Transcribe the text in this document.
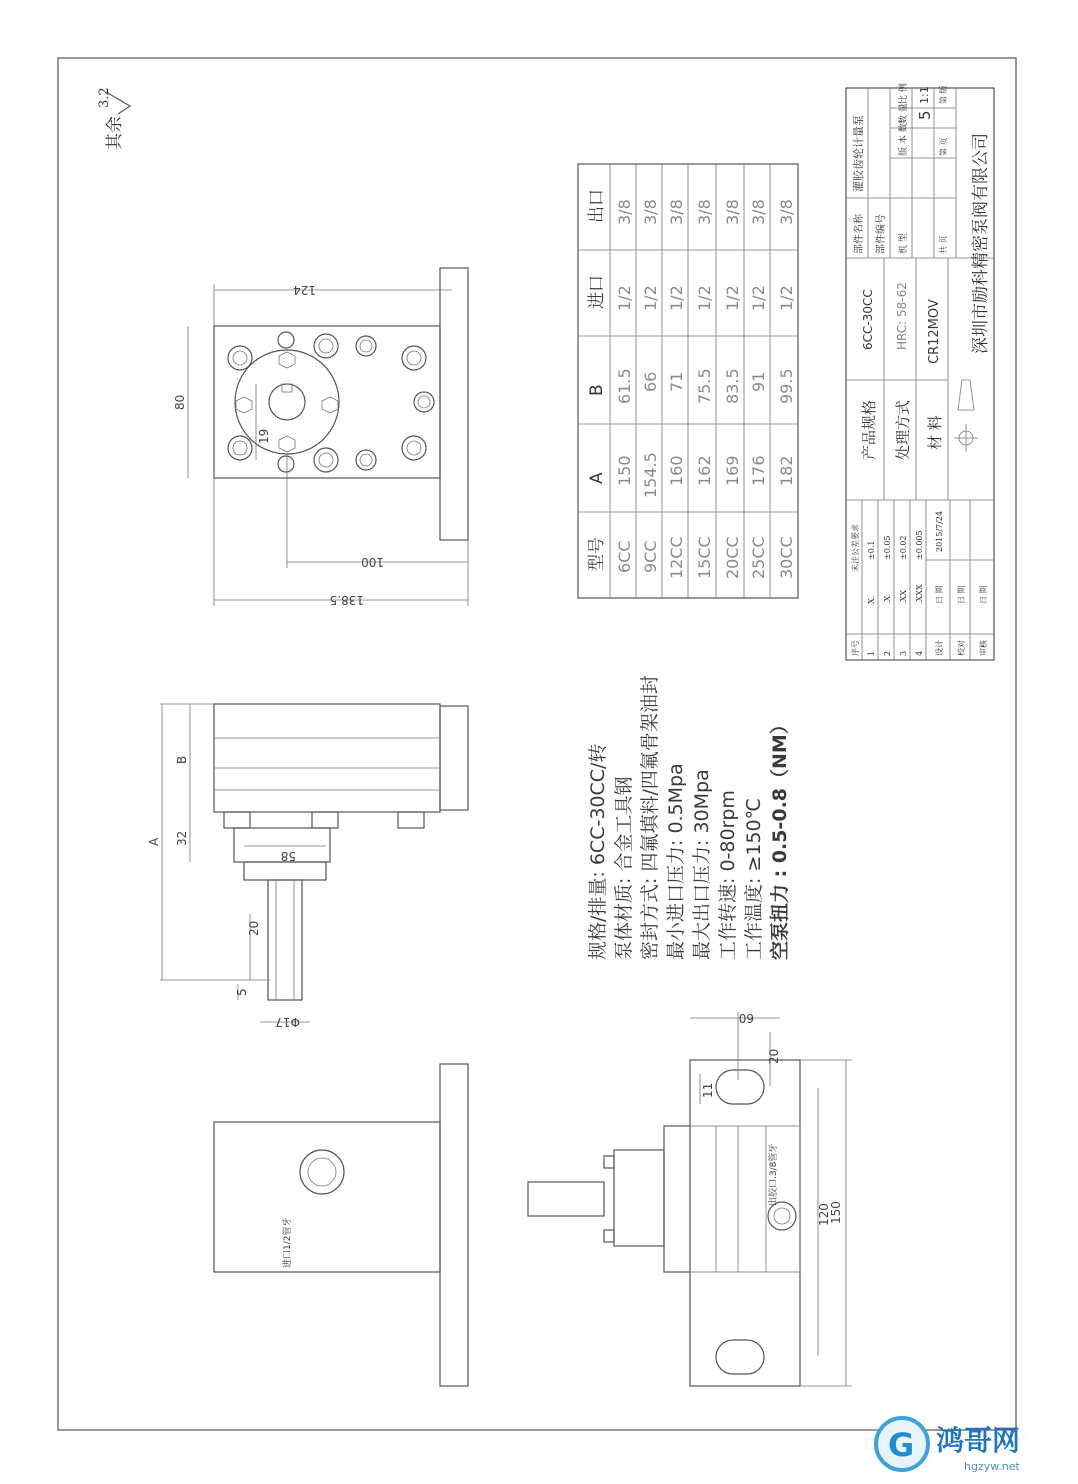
其余
3.2
124
80
19
100
138.5
A
B
32
58
20
5
Φ17
规格/排量: 6CC-30CC/转 泵体材质: 合金工具钢 密封方式: 四氟填料/四氟骨架油封 最小进口压力: 0.5Mpa 最大出口压力: 30Mpa 工作转速: 0-80rpm 工作温度: ≥150℃ 空泵扭力 : 0.5-0.8（NM）
型号
A
B
进口
出口
6CC
150
61.5
1/2
3/8
9CC
154.5
66
1/2
3/8
12CC
160
71
1/2
3/8
15CC
162
75.5
1/2
3/8
20CC
169
83.5
1/2
3/8
25CC
176
91
1/2
3/8
30CC
182
99.5
1/2
3/8
进口1/2管牙
出胶口.3/8管牙
60
20
11
120
150
未注公差要求
序号 1
X.
±0.1
2
.X
±0.05
3
.XX
±0.02
4
.XXX
±0.005
设计
日 期
2015/7/24
校对
日 期
审核
日 期
产品规格
6CC-30CC
处理方式
HRC: 58-62
材 料
CR12MOV 深圳市励科精密泵阀有限公司
部件名称
灌胶齿轮计量泵
部件编号 机 型
版 本 数
数 量
比 例
5
1:1
共 页
第 页
第 版
G 鸿哥网
hgzyw.net
